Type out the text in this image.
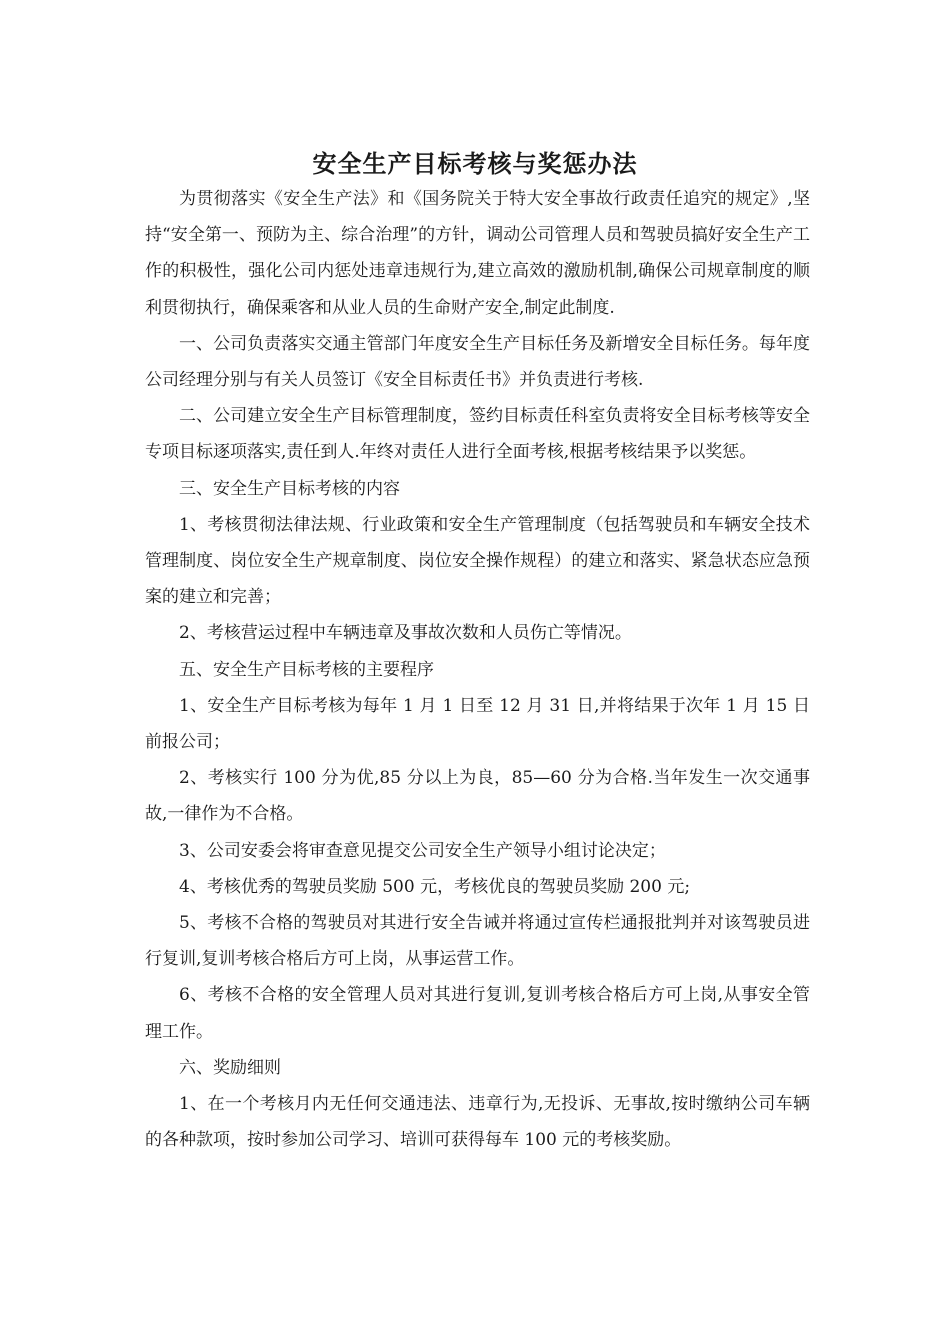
安全生产目标考核与奖惩办法

为贯彻落实《安全生产法》和《国务院关于特大安全事故行政责任追究的规定》,坚持“安全第一、预防为主、综合治理”的方针，调动公司管理人员和驾驶员搞好安全生产工作的积极性，强化公司内惩处违章违规行为,建立高效的激励机制,确保公司规章制度的顺利贯彻执行，确保乘客和从业人员的生命财产安全,制定此制度.

一、公司负责落实交通主管部门年度安全生产目标任务及新增安全目标任务。每年度公司经理分别与有关人员签订《安全目标责任书》并负责进行考核.

二、公司建立安全生产目标管理制度，签约目标责任科室负责将安全目标考核等安全专项目标逐项落实,责任到人.年终对责任人进行全面考核,根据考核结果予以奖惩。

三、安全生产目标考核的内容

1、考核贯彻法律法规、行业政策和安全生产管理制度（包括驾驶员和车辆安全技术管理制度、岗位安全生产规章制度、岗位安全操作规程）的建立和落实、紧急状态应急预案的建立和完善；

2、考核营运过程中车辆违章及事故次数和人员伤亡等情况。

五、安全生产目标考核的主要程序

1、安全生产目标考核为每年 1 月 1 日至 12 月 31 日,并将结果于次年 1 月 15 日前报公司；

2、考核实行 100 分为优,85 分以上为良，85—60 分为合格.当年发生一次交通事故,一律作为不合格。

3、公司安委会将审查意见提交公司安全生产领导小组讨论决定；

4、考核优秀的驾驶员奖励 500 元，考核优良的驾驶员奖励 200 元;

5、考核不合格的驾驶员对其进行安全告诫并将通过宣传栏通报批判并对该驾驶员进行复训,复训考核合格后方可上岗，从事运营工作。

6、考核不合格的安全管理人员对其进行复训,复训考核合格后方可上岗,从事安全管理工作。

六、奖励细则

1、在一个考核月内无任何交通违法、违章行为,无投诉、无事故,按时缴纳公司车辆的各种款项，按时参加公司学习、培训可获得每车 100 元的考核奖励。
